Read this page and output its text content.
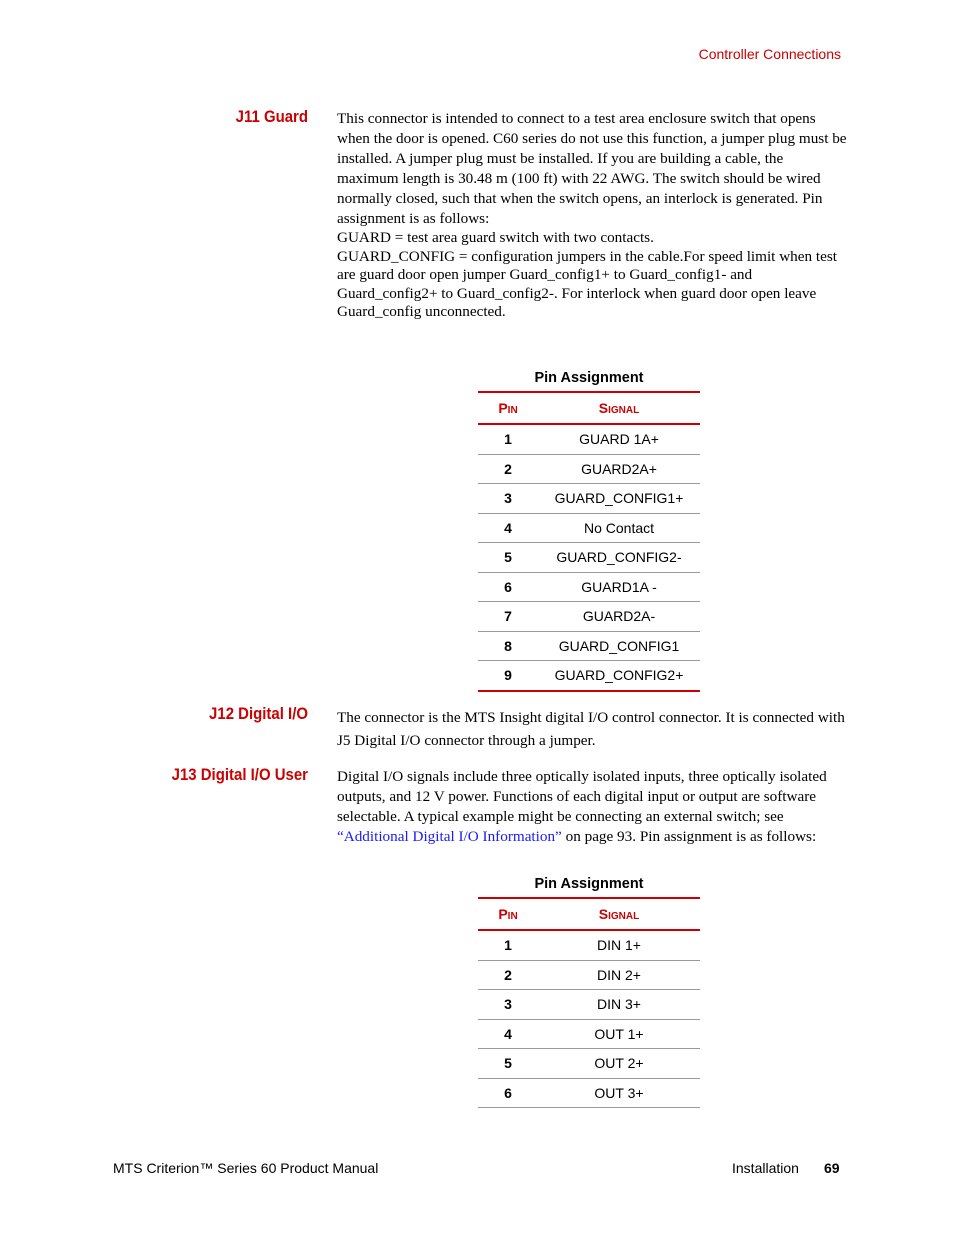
Controller Connections
J11 Guard This connector is intended to connect to a test area enclosure switch that opens when the door is opened. C60 series do not use this function, a jumper plug must be installed. A jumper plug must be installed. If you are building a cable, the maximum length is 30.48 m (100 ft) with 22 AWG. The switch should be wired normally closed, such that when the switch opens, an interlock is generated. Pin assignment is as follows:

GUARD = test area guard switch with two contacts.

GUARD_CONFIG = configuration jumpers in the cable.For speed limit when test are guard door open jumper Guard_config1+ to Guard_config1- and Guard_config2+ to Guard_config2-. For interlock when guard door open leave Guard_config unconnected.

Pin Assignment
Pin	Signal
1	GUARD 1A+
2	GUARD2A+
3	GUARD_CONFIG1+
4	No Contact
5	GUARD_CONFIG2-
6	GUARD1A -
7	GUARD2A-
8	GUARD_CONFIG1
9	GUARD_CONFIG2+
J12 Digital I/O The connector is the MTS Insight digital I/O control connector. It is connected with J5 Digital I/O connector through a jumper.

J13 Digital I/O User Digital I/O signals include three optically isolated inputs, three optically isolated outputs, and 12 V power. Functions of each digital input or output are software selectable. A typical example might be connecting an external switch; see “Additional Digital I/O Information” on page 93. Pin assignment is as follows:

Pin Assignment
Pin	Signal
1	DIN 1+
2	DIN 2+
3	DIN 3+
4	OUT 1+
5	OUT 2+
6	OUT 3+
MTS Criterion™ Series 60 Product Manual	Installation 69
